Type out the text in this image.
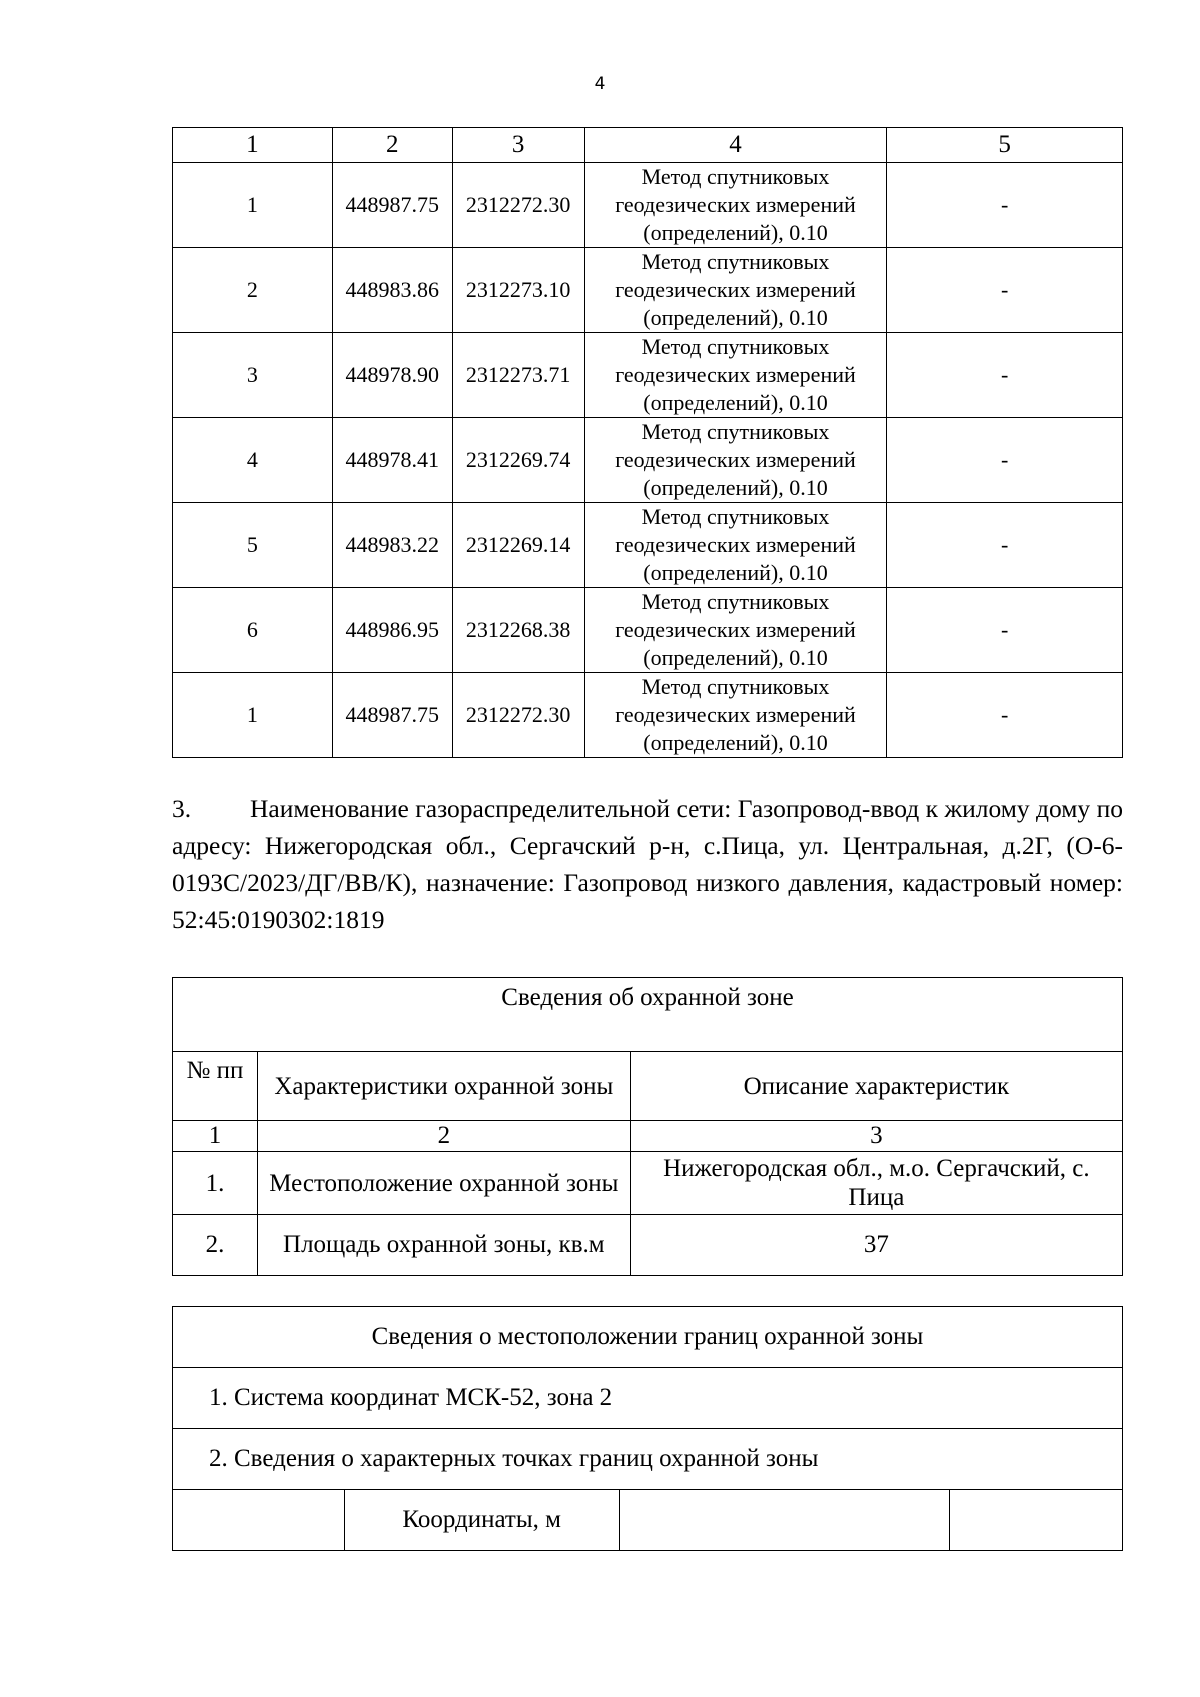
4
1	2	3	4	5
1	448987.75	2312272.30	Метод спутниковых
геодезических измерений
(определений), 0.10	-
2	448983.86	2312273.10	Метод спутниковых
геодезических измерений
(определений), 0.10	-
3	448978.90	2312273.71	Метод спутниковых
геодезических измерений
(определений), 0.10	-
4	448978.41	2312269.74	Метод спутниковых
геодезических измерений
(определений), 0.10	-
5	448983.22	2312269.14	Метод спутниковых
геодезических измерений
(определений), 0.10	-
6	448986.95	2312268.38	Метод спутниковых
геодезических измерений
(определений), 0.10	-
1	448987.75	2312272.30	Метод спутниковых
геодезических измерений
(определений), 0.10	-
3. Наименование газораспределительной сети: Газопровод-ввод к жилому дому по адресу: Нижегородская обл., Сергачский р-н, с.Пица, ул. Центральная, д.2Г, (О-6-0193С/2023/ДГ/ВВ/К), назначение: Газопровод низкого давления, кадастровый номер: 52:45:0190302:1819
Сведения об охранной зоне		
№ пп	Характеристики охранной зоны	Описание характеристик
1	2	3
1.	Местоположение охранной зоны	Нижегородская обл., м.о. Сергачский, с. Пица
2.	Площадь охранной зоны, кв.м	37
Сведения о местоположении границ охранной зоны
1. Система координат МСК-52, зона 2
2. Сведения о характерных точках границ охранной зоны
	Координаты, м		
